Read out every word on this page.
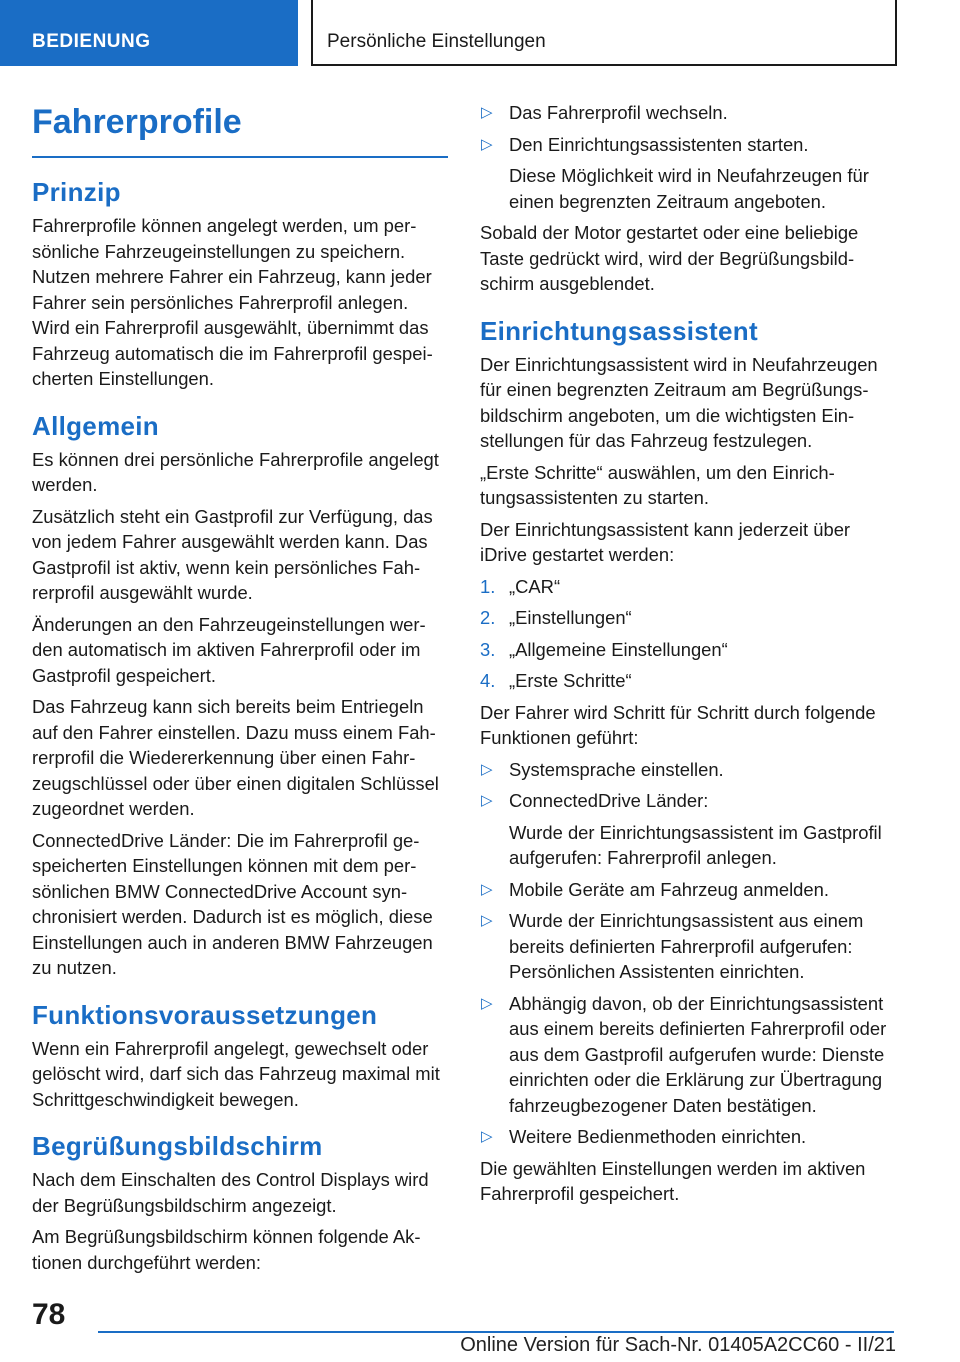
BEDIENUNG	Persönliche Einstellungen
Fahrerprofile
Prinzip

Fahrerprofile können angelegt werden, um persönliche Fahrzeugeinstellungen zu speichern. Nutzen mehrere Fahrer ein Fahrzeug, kann jeder Fahrer sein persönliches Fahrerprofil anlegen. Wird ein Fahrerprofil ausgewählt, übernimmt das Fahrzeug automatisch die im Fahrerprofil gespeicherten Einstellungen.

Allgemein

Es können drei persönliche Fahrerprofile angelegt werden.

Zusätzlich steht ein Gastprofil zur Verfügung, das von jedem Fahrer ausgewählt werden kann. Das Gastprofil ist aktiv, wenn kein persönliches Fahrerprofil ausgewählt wurde.

Änderungen an den Fahrzeugeinstellungen werden automatisch im aktiven Fahrerprofil oder im Gastprofil gespeichert.

Das Fahrzeug kann sich bereits beim Entriegeln auf den Fahrer einstellen. Dazu muss einem Fahrerprofil die Wiedererkennung über einen Fahrzeugschlüssel oder über einen digitalen Schlüssel zugeordnet werden.

ConnectedDrive Länder: Die im Fahrerprofil gespeicherten Einstellungen können mit dem persönlichen BMW ConnectedDrive Account synchronisiert werden. Dadurch ist es möglich, diese Einstellungen auch in anderen BMW Fahrzeugen zu nutzen.

Funktionsvoraussetzungen

Wenn ein Fahrerprofil angelegt, gewechselt oder gelöscht wird, darf sich das Fahrzeug maximal mit Schrittgeschwindigkeit bewegen.

Begrüßungsbildschirm

Nach dem Einschalten des Control Displays wird der Begrüßungsbildschirm angezeigt.

Am Begrüßungsbildschirm können folgende Aktionen durchgeführt werden:

▷ Das Fahrerprofil wechseln.
▷ Den Einrichtungsassistenten starten.
Diese Möglichkeit wird in Neufahrzeugen für einen begrenzten Zeitraum angeboten.

Sobald der Motor gestartet oder eine beliebige Taste gedrückt wird, wird der Begrüßungsbildschirm ausgeblendet.

Einrichtungsassistent

Der Einrichtungsassistent wird in Neufahrzeugen für einen begrenzten Zeitraum am Begrüßungsbildschirm angeboten, um die wichtigsten Einstellungen für das Fahrzeug festzulegen.

„Erste Schritte“ auswählen, um den Einrichtungsassistenten zu starten.

Der Einrichtungsassistent kann jederzeit über iDrive gestartet werden:

1. „CAR“
2. „Einstellungen“
3. „Allgemeine Einstellungen“
4. „Erste Schritte“

Der Fahrer wird Schritt für Schritt durch folgende Funktionen geführt:

▷ Systemsprache einstellen.
▷ ConnectedDrive Länder:
Wurde der Einrichtungsassistent im Gastprofil aufgerufen: Fahrerprofil anlegen.
▷ Mobile Geräte am Fahrzeug anmelden.
▷ Wurde der Einrichtungsassistent aus einem bereits definierten Fahrerprofil aufgerufen: Persönlichen Assistenten einrichten.
▷ Abhängig davon, ob der Einrichtungsassistent aus einem bereits definierten Fahrerprofil oder aus dem Gastprofil aufgerufen wurde: Dienste einrichten oder die Erklärung zur Übertragung fahrzeugbezogener Daten bestätigen.
▷ Weitere Bedienmethoden einrichten.

Die gewählten Einstellungen werden im aktiven Fahrerprofil gespeichert.

78
Online Version für Sach-Nr. 01405A2CC60 - II/21
